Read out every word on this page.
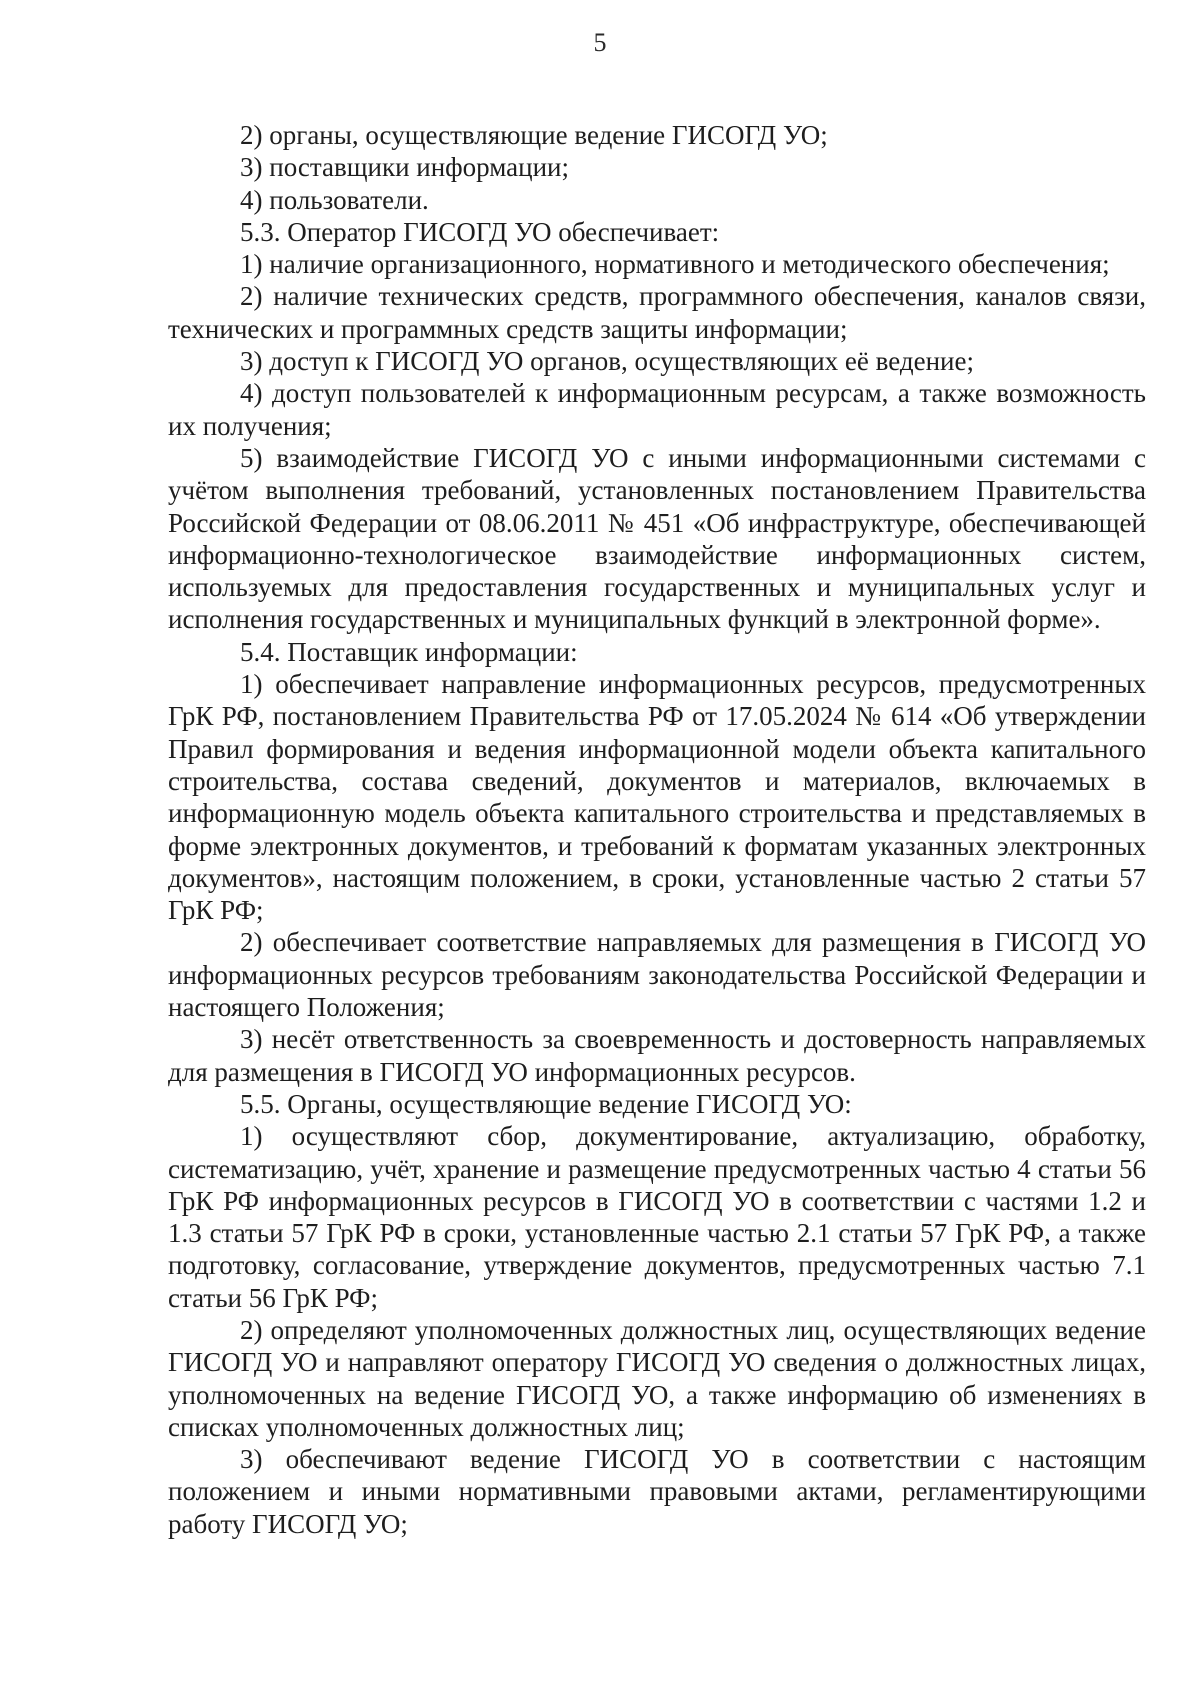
5

2) органы, осуществляющие ведение ГИСОГД УО;

3) поставщики информации;

4) пользователи.

5.3. Оператор ГИСОГД УО обеспечивает:

1) наличие организационного, нормативного и методического обеспечения;

2) наличие технических средств, программного обеспечения, каналов связи, технических и программных средств защиты информации;

3) доступ к ГИСОГД УО органов, осуществляющих её ведение;

4) доступ пользователей к информационным ресурсам, а также возможность их получения;

5) взаимодействие ГИСОГД УО с иными информационными системами с учётом выполнения требований, установленных постановлением Правительства Российской Федерации от 08.06.2011 № 451 «Об инфраструктуре, обеспечивающей информационно-технологическое взаимодействие информационных систем, используемых для предоставления государственных и муниципальных услуг и исполнения государственных и муниципальных функций в электронной форме».

5.4. Поставщик информации:

1) обеспечивает направление информационных ресурсов, предусмотренных ГрК РФ, постановлением Правительства РФ от 17.05.2024 № 614 «Об утверждении Правил формирования и ведения информационной модели объекта капитального строительства, состава сведений, документов и материалов, включаемых в информационную модель объекта капитального строительства и представляемых в форме электронных документов, и требований к форматам указанных электронных документов», настоящим положением, в сроки, установленные частью 2 статьи 57 ГрК РФ;

2) обеспечивает соответствие направляемых для размещения в ГИСОГД УО информационных ресурсов требованиям законодательства Российской Федерации и настоящего Положения;

3) несёт ответственность за своевременность и достоверность направляемых для размещения в ГИСОГД УО информационных ресурсов.

5.5. Органы, осуществляющие ведение ГИСОГД УО:

1) осуществляют сбор, документирование, актуализацию, обработку, систематизацию, учёт, хранение и размещение предусмотренных частью 4 статьи 56 ГрК РФ информационных ресурсов в ГИСОГД УО в соответствии с частями 1.2 и 1.3 статьи 57 ГрК РФ в сроки, установленные частью 2.1 статьи 57 ГрК РФ, а также подготовку, согласование, утверждение документов, предусмотренных частью 7.1 статьи 56 ГрК РФ;

2) определяют уполномоченных должностных лиц, осуществляющих ведение ГИСОГД УО и направляют оператору ГИСОГД УО сведения о должностных лицах, уполномоченных на ведение ГИСОГД УО, а также информацию об изменениях в списках уполномоченных должностных лиц;

3) обеспечивают ведение ГИСОГД УО в соответствии с настоящим положением и иными нормативными правовыми актами, регламентирующими работу ГИСОГД УО;
